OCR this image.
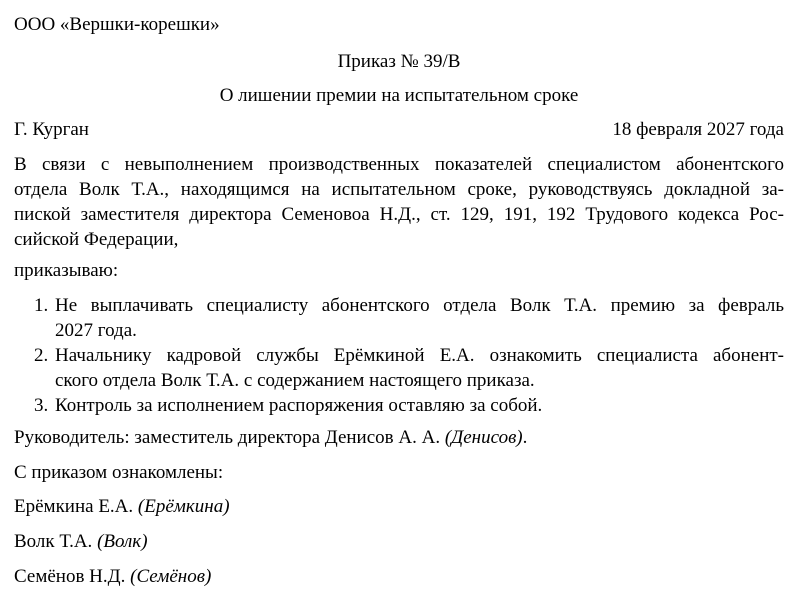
ООО «Вершки-корешки»
Приказ № 39/В
О лишении премии на испытательном сроке
Г. Курган	18 февраля 2027 года
В связи с невыполнением производственных показателей специалистом абонентского
отдела Волк Т.А., находящимся на испытательном сроке, руководствуясь докладной за-
пиской заместителя директора Семеновоа Н.Д., ст. 129, 191, 192 Трудового кодекса Рос-
сийской Федерации,
приказываю:
1. Не выплачивать специалисту абонентского отдела Волк Т.А. премию за февраль
2027 года.
2. Начальнику кадровой службы Ерёмкиной Е.А. ознакомить специалиста абонент-
ского отдела Волк Т.А. с содержанием настоящего приказа.
3. Контроль за исполнением распоряжения оставляю за собой.
Руководитель: заместитель директора Денисов А. А. (Денисов).
С приказом ознакомлены:
Ерёмкина Е.А. (Ерёмкина)
Волк Т.А. (Волк)
Семёнов Н.Д. (Семёнов)
